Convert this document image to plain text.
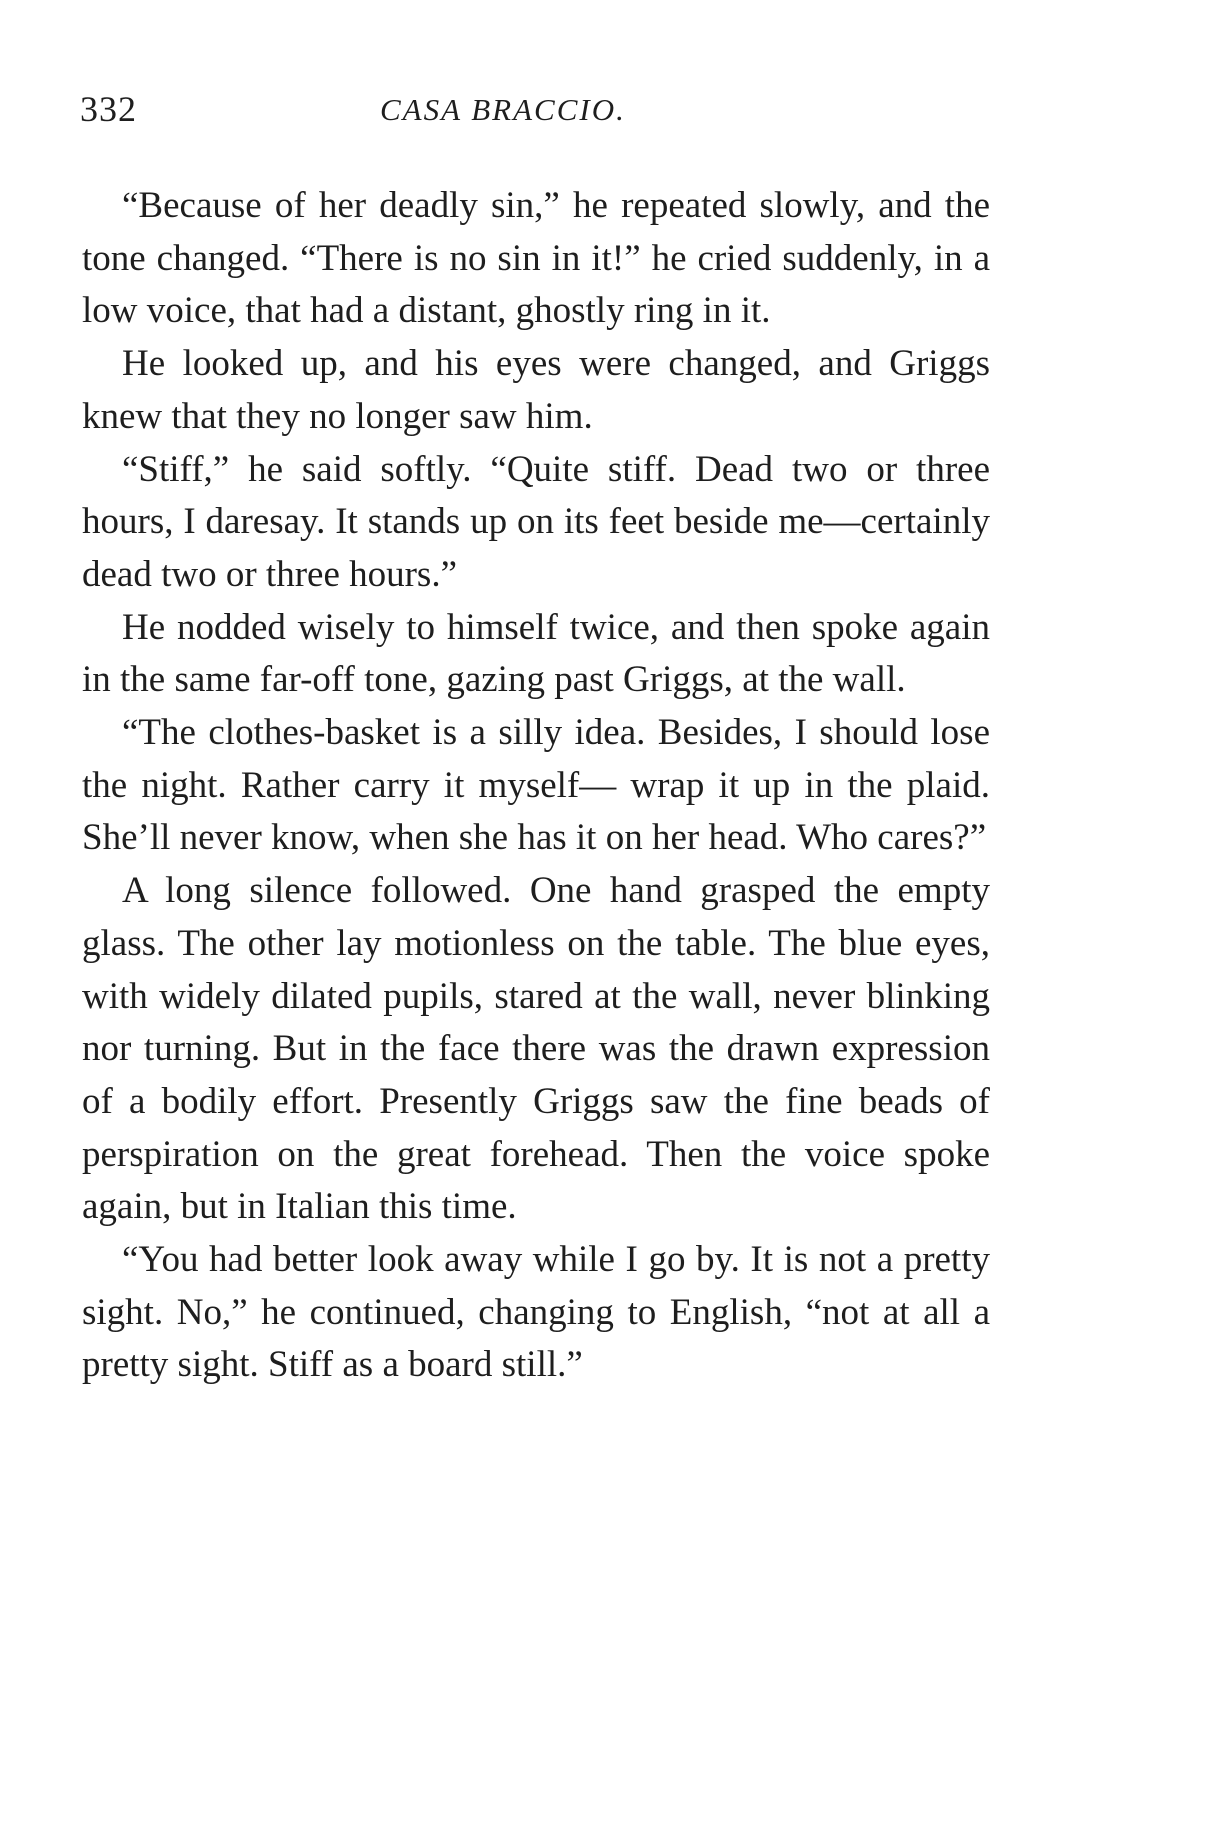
332	CASA BRACCIO.

“Because of her deadly sin,” he repeated slowly, and the tone changed. “There is no sin in it!” he cried suddenly, in a low voice, that had a distant, ghostly ring in it.

He looked up, and his eyes were changed, and Griggs knew that they no longer saw him.

“Stiff,” he said softly. “Quite stiff. Dead two or three hours, I daresay. It stands up on its feet beside me—certainly dead two or three hours.”

He nodded wisely to himself twice, and then spoke again in the same far-off tone, gazing past Griggs, at the wall.

“The clothes-basket is a silly idea. Besides, I should lose the night. Rather carry it myself— wrap it up in the plaid. She’ll never know, when she has it on her head. Who cares?”

A long silence followed. One hand grasped the empty glass. The other lay motionless on the table. The blue eyes, with widely dilated pupils, stared at the wall, never blinking nor turning. But in the face there was the drawn expression of a bodily effort. Presently Griggs saw the fine beads of perspiration on the great forehead. Then the voice spoke again, but in Italian this time.

“You had better look away while I go by. It is not a pretty sight. No,” he continued, changing to English, “not at all a pretty sight. Stiff as a board still.”
